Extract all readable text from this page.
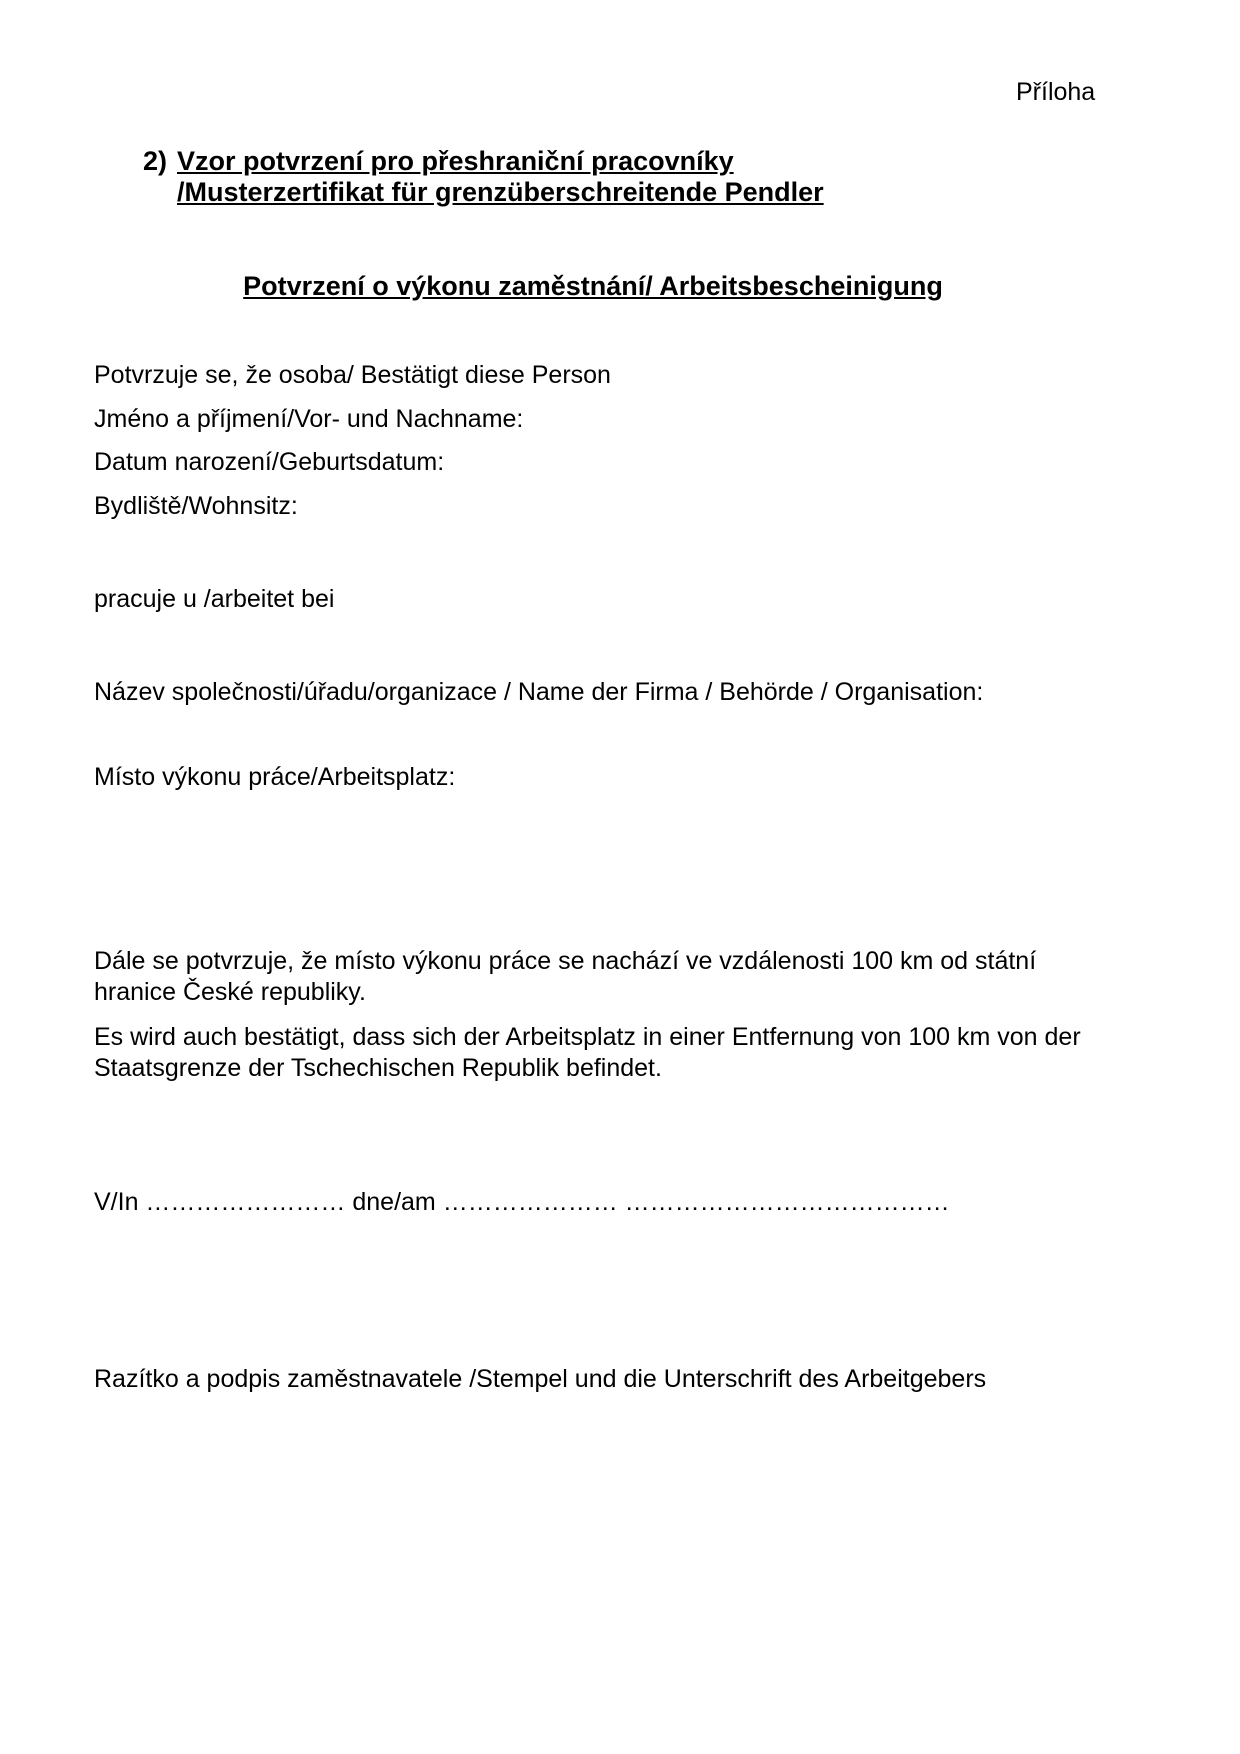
Příloha
2) Vzor potvrzení pro přeshraniční pracovníky
/Musterzertifikat für grenzüberschreitende Pendler
Potvrzení o výkonu zaměstnání/ Arbeitsbescheinigung
Potvrzuje se, že osoba/ Bestätigt diese Person
Jméno a příjmení/Vor- und Nachname:
Datum narození/Geburtsdatum:
Bydliště/Wohnsitz:
pracuje u /arbeitet bei
Název společnosti/úřadu/organizace / Name der Firma / Behörde / Organisation:
Místo výkonu práce/Arbeitsplatz:
Dále se potvrzuje, že místo výkonu práce se nachází ve vzdálenosti 100 km od státní hranice České republiky.
Es wird auch bestätigt, dass sich der Arbeitsplatz in einer Entfernung von 100 km von der Staatsgrenze der Tschechischen Republik befindet.
V/In …………………… dne/am ………………… …………………………………
Razítko a podpis zaměstnavatele /Stempel und die Unterschrift des Arbeitgebers
